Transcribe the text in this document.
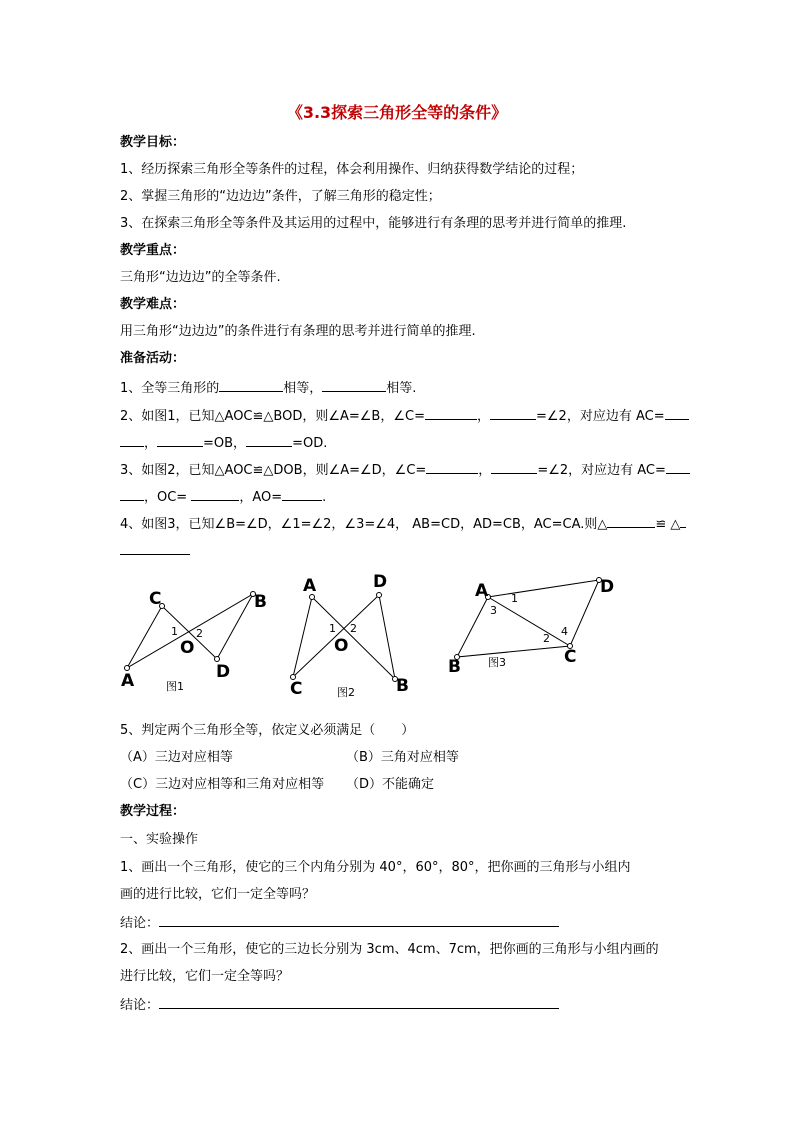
《3.3探索三角形全等的条件》
教学目标：
1、经历探索三角形全等条件的过程，体会利用操作、归纳获得数学结论的过程；
2、掌握三角形的“边边边”条件，了解三角形的稳定性；
3、在探索三角形全等条件及其运用的过程中，能够进行有条理的思考并进行简单的推理.
教学重点：
三角形“边边边”的全等条件.
教学难点：
用三角形“边边边”的条件进行有条理的思考并进行简单的推理.
准备活动：
1、全等三角形的	相等，	相等.
2、如图1，已知△AOC≌△BOD，则∠A=∠B，∠C=	，	=∠2，对应边有 AC=
，	=OB，	=OD.
3、如图2，已知△AOC≌△DOB，则∠A=∠D，∠C=	，	=∠2，对应边有 AC=
，OC=	，AO=	.
4、如图3，已知∠B=∠D，∠1=∠2，∠3=∠4， AB=CD，AD=CB，AC=CA.则△	≌ △
C	B
A	D
O
1 2
图1
A	D
C	B
O
1 2
图2
A	D
B	C
3
1
2
4
图3
5、判定两个三角形全等，依定义必须满足（　　）
（A）三边对应相等	（B）三角对应相等
（C）三边对应相等和三角对应相等 （D）不能确定
教学过程：
一、实验操作
1、画出一个三角形，使它的三个内角分别为 40°，60°，80°，把你画的三角形与小组内
画的进行比较，它们一定全等吗？
结论：
2、画出一个三角形，使它的三边长分别为 3cm、4cm、7cm，把你画的三角形与小组内画的
进行比较，它们一定全等吗？
结论：
